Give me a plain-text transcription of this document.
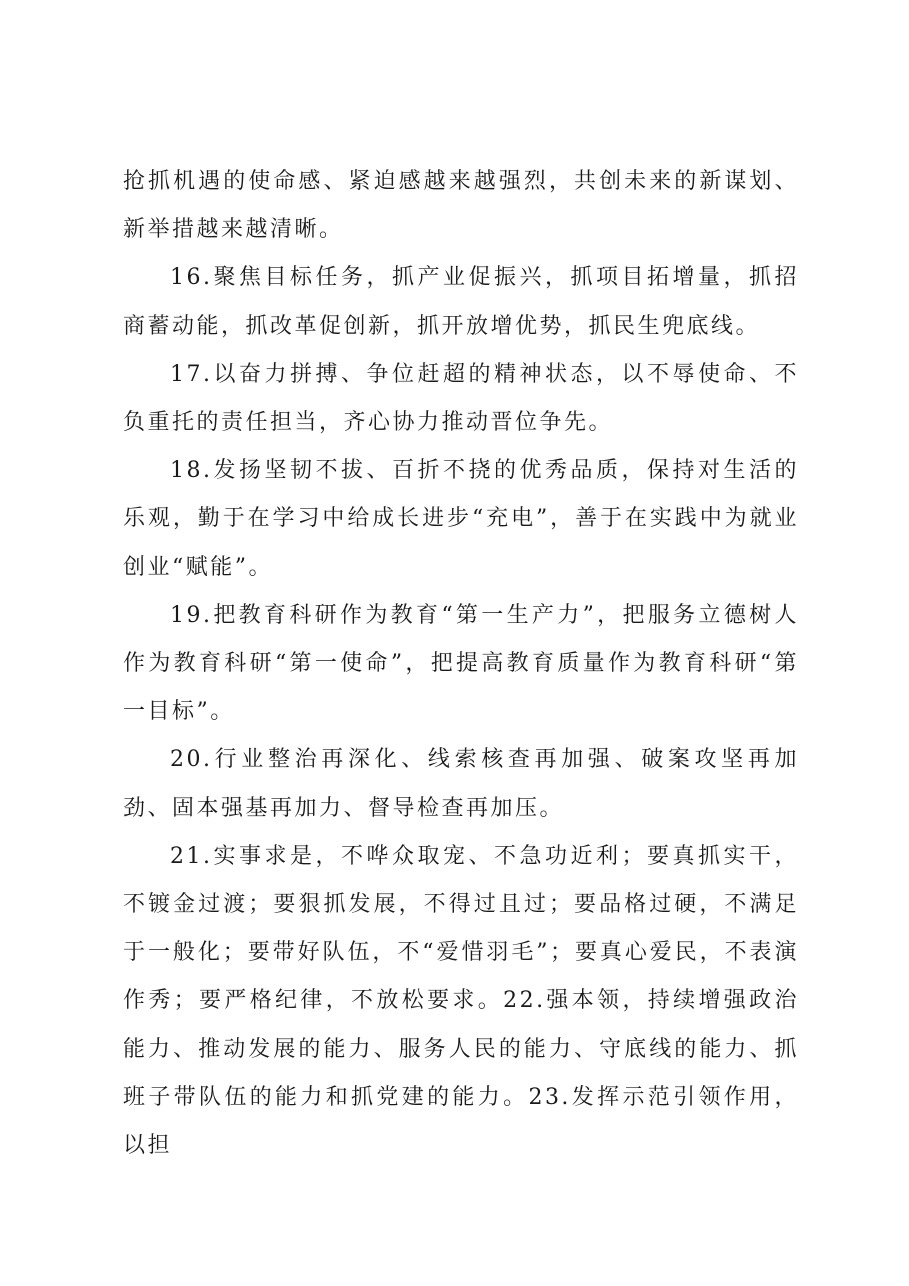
抢抓机遇的使命感、紧迫感越来越强烈，共创未来的新谋划、新举措越来越清晰。

16.聚焦目标任务，抓产业促振兴，抓项目拓增量，抓招商蓄动能，抓改革促创新，抓开放增优势，抓民生兜底线。

17.以奋力拼搏、争位赶超的精神状态，以不辱使命、不负重托的责任担当，齐心协力推动晋位争先。

18.发扬坚韧不拔、百折不挠的优秀品质，保持对生活的乐观，勤于在学习中给成长进步“充电”，善于在实践中为就业创业“赋能”。

19.把教育科研作为教育“第一生产力”，把服务立德树人作为教育科研“第一使命”，把提高教育质量作为教育科研“第一目标”。

20.行业整治再深化、线索核查再加强、破案攻坚再加劲、固本强基再加力、督导检查再加压。

21.实事求是，不哗众取宠、不急功近利；要真抓实干，不镀金过渡；要狠抓发展，不得过且过；要品格过硬，不满足于一般化；要带好队伍，不“爱惜羽毛”；要真心爱民，不表演作秀；要严格纪律，不放松要求。22.强本领，持续增强政治能力、推动发展的能力、服务人民的能力、守底线的能力、抓班子带队伍的能力和抓党建的能力。23.发挥示范引领作用，以担
